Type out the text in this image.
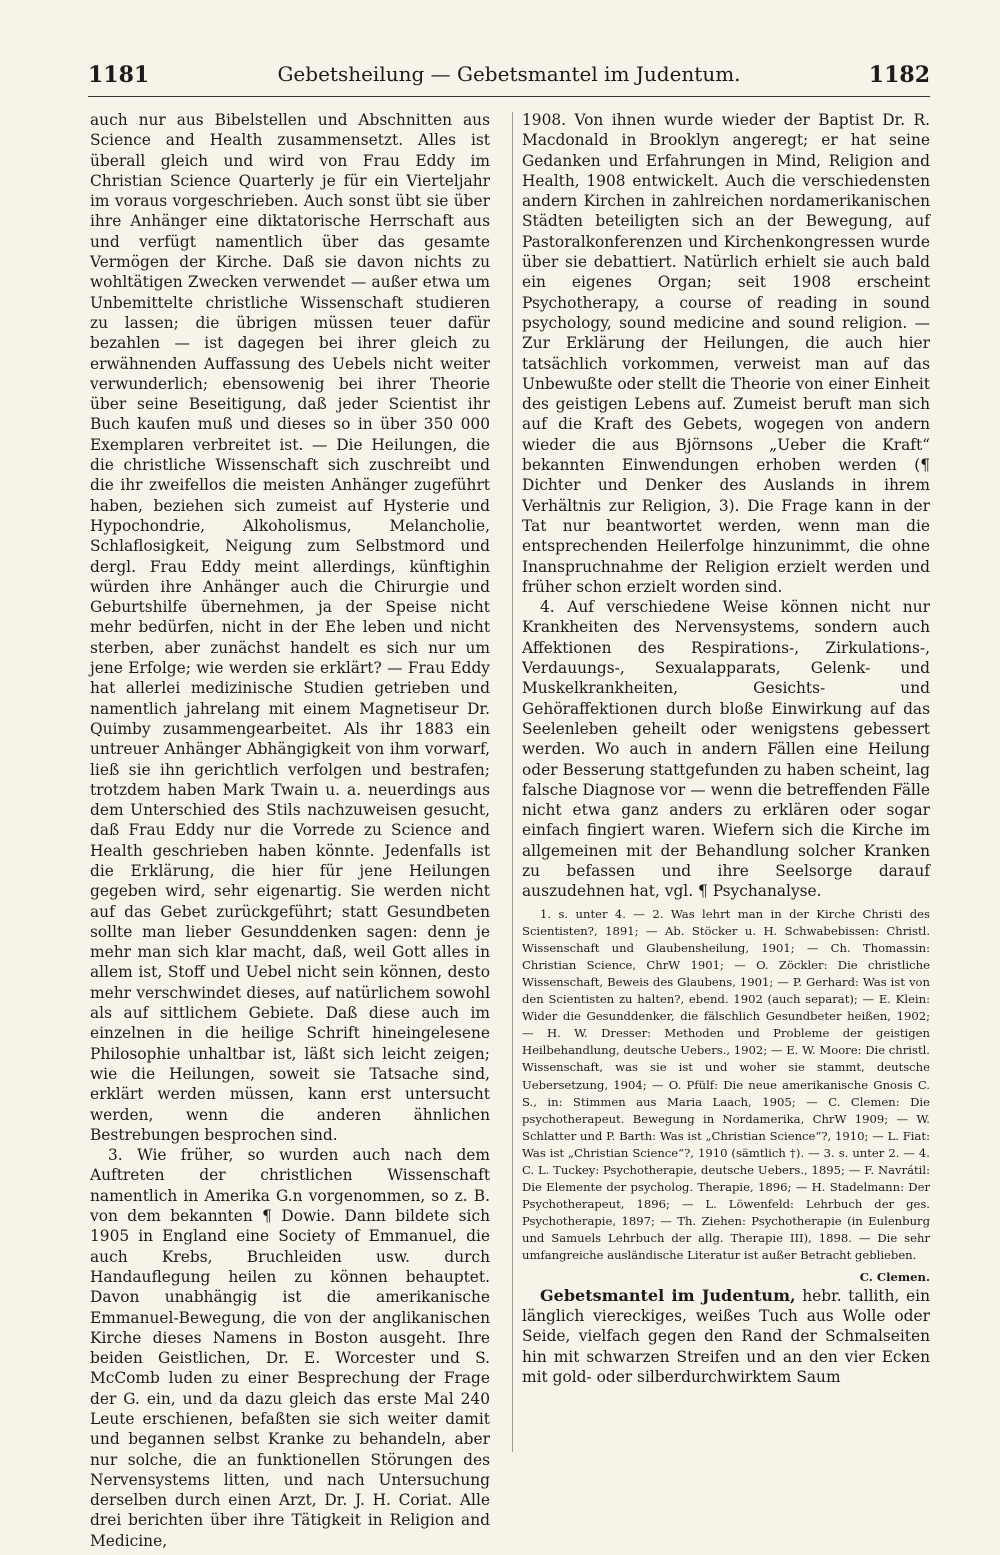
1181	Gebetsheilung — Gebetsmantel im Judentum.	1182

auch nur aus Bibelstellen und Abschnitten aus Science and Health zusammensetzt. Alles ist überall gleich und wird von Frau Eddy im Christian Science Quarterly je für ein Vierteljahr im voraus vorgeschrieben. Auch sonst übt sie über ihre Anhänger eine diktatorische Herrschaft aus und verfügt namentlich über das gesamte Vermögen der Kirche. Daß sie davon nichts zu wohltätigen Zwecken verwendet — außer etwa um Unbemittelte christliche Wissenschaft studieren zu lassen; die übrigen müssen teuer dafür bezahlen — ist dagegen bei ihrer gleich zu erwähnenden Auffassung des Uebels nicht weiter verwunderlich; ebensowenig bei ihrer Theorie über seine Beseitigung, daß jeder Scientist ihr Buch kaufen muß und dieses so in über 350 000 Exemplaren verbreitet ist. — Die Heilungen, die die christliche Wissenschaft sich zuschreibt und die ihr zweifellos die meisten Anhänger zugeführt haben, beziehen sich zumeist auf Hysterie und Hypochondrie, Alkoholismus, Melancholie, Schlaflosigkeit, Neigung zum Selbstmord und dergl. Frau Eddy meint allerdings, künftighin würden ihre Anhänger auch die Chirurgie und Geburtshilfe übernehmen, ja der Speise nicht mehr bedürfen, nicht in der Ehe leben und nicht sterben, aber zunächst handelt es sich nur um jene Erfolge; wie werden sie erklärt? — Frau Eddy hat allerlei medizinische Studien getrieben und namentlich jahrelang mit einem Magnetiseur Dr. Quimby zusammengearbeitet. Als ihr 1883 ein untreuer Anhänger Abhängigkeit von ihm vorwarf, ließ sie ihn gerichtlich verfolgen und bestrafen; trotzdem haben Mark Twain u. a. neuerdings aus dem Unterschied des Stils nachzuweisen gesucht, daß Frau Eddy nur die Vorrede zu Science and Health geschrieben haben könnte. Jedenfalls ist die Erklärung, die hier für jene Heilungen gegeben wird, sehr eigenartig. Sie werden nicht auf das Gebet zurückgeführt; statt Gesundbeten sollte man lieber Gesunddenken sagen: denn je mehr man sich klar macht, daß, weil Gott alles in allem ist, Stoff und Uebel nicht sein können, desto mehr verschwindet dieses, auf natürlichem sowohl als auf sittlichem Gebiete. Daß diese auch im einzelnen in die heilige Schrift hineingelesene Philosophie unhaltbar ist, läßt sich leicht zeigen; wie die Heilungen, soweit sie Tatsache sind, erklärt werden müssen, kann erst untersucht werden, wenn die anderen ähnlichen Bestrebungen besprochen sind.

3. Wie früher, so wurden auch nach dem Auftreten der christlichen Wissenschaft namentlich in Amerika G.n vorgenommen, so z. B. von dem bekannten ¶ Dowie. Dann bildete sich 1905 in England eine Society of Emmanuel, die auch Krebs, Bruchleiden usw. durch Handauflegung heilen zu können behauptet. Davon unabhängig ist die amerikanische Emmanuel-Bewegung, die von der anglikanischen Kirche dieses Namens in Boston ausgeht. Ihre beiden Geistlichen, Dr. E. Worcester und S. McComb luden zu einer Besprechung der Frage der G. ein, und da dazu gleich das erste Mal 240 Leute erschienen, befaßten sie sich weiter damit und begannen selbst Kranke zu behandeln, aber nur solche, die an funktionellen Störungen des Nervensystems litten, und nach Untersuchung derselben durch einen Arzt, Dr. J. H. Coriat. Alle drei berichten über ihre Tätigkeit in Religion and Medicine,

1908. Von ihnen wurde wieder der Baptist Dr. R. Macdonald in Brooklyn angeregt; er hat seine Gedanken und Erfahrungen in Mind, Religion and Health, 1908 entwickelt. Auch die verschiedensten andern Kirchen in zahlreichen nordamerikanischen Städten beteiligten sich an der Bewegung, auf Pastoralkonferenzen und Kirchenkongressen wurde über sie debattiert. Natürlich erhielt sie auch bald ein eigenes Organ; seit 1908 erscheint Psychotherapy, a course of reading in sound psychology, sound medicine and sound religion. — Zur Erklärung der Heilungen, die auch hier tatsächlich vorkommen, verweist man auf das Unbewußte oder stellt die Theorie von einer Einheit des geistigen Lebens auf. Zumeist beruft man sich auf die Kraft des Gebets, wogegen von andern wieder die aus Björnsons „Ueber die Kraft“ bekannten Einwendungen erhoben werden (¶ Dichter und Denker des Auslands in ihrem Verhältnis zur Religion, 3). Die Frage kann in der Tat nur beantwortet werden, wenn man die entsprechenden Heilerfolge hinzunimmt, die ohne Inanspruchnahme der Religion erzielt werden und früher schon erzielt worden sind.

4. Auf verschiedene Weise können nicht nur Krankheiten des Nervensystems, sondern auch Affektionen des Respirations-, Zirkulations-, Verdauungs-, Sexualapparats, Gelenk- und Muskelkrankheiten, Gesichts- und Gehöraffektionen durch bloße Einwirkung auf das Seelenleben geheilt oder wenigstens gebessert werden. Wo auch in andern Fällen eine Heilung oder Besserung stattgefunden zu haben scheint, lag falsche Diagnose vor — wenn die betreffenden Fälle nicht etwa ganz anders zu erklären oder sogar einfach fingiert waren. Wiefern sich die Kirche im allgemeinen mit der Behandlung solcher Kranken zu befassen und ihre Seelsorge darauf auszudehnen hat, vgl. ¶ Psychanalyse.

1. s. unter 4. — 2. Was lehrt man in der Kirche Christi des Scientisten?, 1891; — Ab. Stöcker u. H. Schwabebissen: Christl. Wissenschaft und Glaubensheilung, 1901; — Ch. Thomassin: Christian Science, ChrW 1901; — O. Zöckler: Die christliche Wissenschaft, Beweis des Glaubens, 1901; — P. Gerhard: Was ist von den Scientisten zu halten?, ebend. 1902 (auch separat); — E. Klein: Wider die Gesunddenker, die fälschlich Gesundbeter heißen, 1902; — H. W. Dresser: Methoden und Probleme der geistigen Heilbehandlung, deutsche Uebers., 1902; — E. W. Moore: Die christl. Wissenschaft, was sie ist und woher sie stammt, deutsche Uebersetzung, 1904; — O. Pfülf: Die neue amerikanische Gnosis C. S., in: Stimmen aus Maria Laach, 1905; — C. Clemen: Die psychotherapeut. Bewegung in Nordamerika, ChrW 1909; — W. Schlatter und P. Barth: Was ist „Christian Science“?, 1910; — L. Fiat: Was ist „Christian Science“?, 1910 (sämtlich †). — 3. s. unter 2. — 4. C. L. Tuckey: Psychotherapie, deutsche Uebers., 1895; — F. Navrátil: Die Elemente der psycholog. Therapie, 1896; — H. Stadelmann: Der Psychotherapeut, 1896; — L. Löwenfeld: Lehrbuch der ges. Psychotherapie, 1897; — Th. Ziehen: Psychotherapie (in Eulenburg und Samuels Lehrbuch der allg. Therapie III), 1898. — Die sehr umfangreiche ausländische Literatur ist außer Betracht geblieben.

C. Clemen.

Gebetsmantel im Judentum, hebr. tallith, ein länglich viereckiges, weißes Tuch aus Wolle oder Seide, vielfach gegen den Rand der Schmalseiten hin mit schwarzen Streifen und an den vier Ecken mit gold- oder silberdurchwirktem Saum
